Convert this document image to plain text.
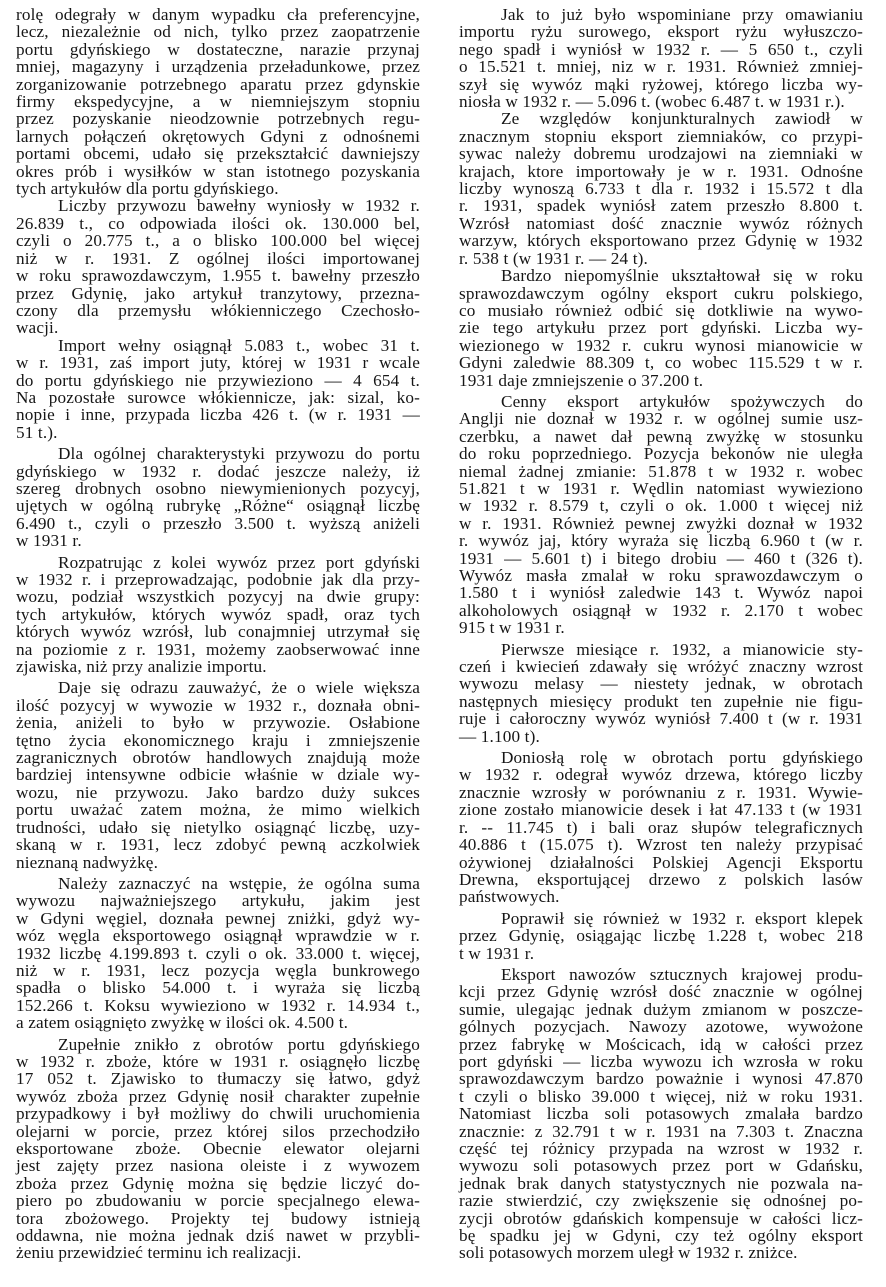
rolę odegrały w danym wypadku cła preferencyjne,
lecz, niezależnie od nich, tylko przez zaopatrzenie
portu gdyńskiego w dostateczne, narazie przynaj
mniej, magazyny i urządzenia przeładunkowe, przez
zorganizowanie potrzebnego aparatu przez gdynskie
firmy ekspedycyjne, a w niemniejszym stopniu
przez pozyskanie nieodzownie potrzebnych regu-
larnych połączeń okrętowych Gdyni z odnośnemi
portami obcemi, udało się przekształcić dawniejszy
okres prób i wysiłków w stan istotnego pozyskania
tych artykułów dla portu gdyńskiego.
Liczby przywozu bawełny wyniosły w 1932 r.
26.839 t., co odpowiada ilości ok. 130.000 bel,
czyli o 20.775 t., a o blisko 100.000 bel więcej
niż w r. 1931. Z ogólnej ilości importowanej
w roku sprawozdawczym, 1.955 t. bawełny przeszło
przez Gdynię, jako artykuł tranzytowy, przezna-
czony dla przemysłu włókienniczego Czechosło-
wacji.
Import wełny osiągnął 5.083 t., wobec 31 t.
w r. 1931, zaś import juty, której w 1931 r wcale
do portu gdyńskiego nie przywieziono — 4 654 t.
Na pozostałe surowce włókiennicze, jak: sizal, ko-
nopie i inne, przypada liczba 426 t. (w r. 1931 —
51 t.).
Dla ogólnej charakterystyki przywozu do portu
gdyńskiego w 1932 r. dodać jeszcze należy, iż
szereg drobnych osobno niewymienionych pozycyj,
ujętych w ogólną rubrykę „Różne“ osiągnął liczbę
6.490 t., czyli o przeszło 3.500 t. wyższą aniżeli
w 1931 r.
Rozpatrując z kolei wywóz przez port gdyński
w 1932 r. i przeprowadzając, podobnie jak dla przy-
wozu, podział wszystkich pozycyj na dwie grupy:
tych artykułów, których wywóz spadł, oraz tych
których wywóz wzrósł, lub conajmniej utrzymał się
na poziomie z r. 1931, możemy zaobserwować inne
zjawiska, niż przy analizie importu.
Daje się odrazu zauważyć, że o wiele większa
ilość pozycyj w wywozie w 1932 r., doznała obni-
żenia, aniżeli to było w przywozie. Osłabione
tętno życia ekonomicznego kraju i zmniejszenie
zagranicznych obrotów handlowych znajdują może
bardziej intensywne odbicie właśnie w dziale wy-
wozu, nie przywozu. Jako bardzo duży sukces
portu uważać zatem można, że mimo wielkich
trudności, udało się nietylko osiągnąć liczbę, uzy-
skaną w r. 1931, lecz zdobyć pewną aczkolwiek
nieznaną nadwyżkę.
Należy zaznaczyć na wstępie, że ogólna suma
wywozu najważniejszego artykułu, jakim jest
w Gdyni węgiel, doznała pewnej zniżki, gdyż wy-
wóz węgla eksportowego osiągnął wprawdzie w r.
1932 liczbę 4.199.893 t. czyli o ok. 33.000 t. więcej,
niż w r. 1931, lecz pozycja węgla bunkrowego
spadła o blisko 54.000 t. i wyraża się liczbą
152.266 t. Koksu wywieziono w 1932 r. 14.934 t.,
a zatem osiągnięto zwyżkę w ilości ok. 4.500 t.
Zupełnie znikło z obrotów portu gdyńskiego
w 1932 r. zboże, które w 1931 r. osiągnęło liczbę
17 052 t. Zjawisko to tłumaczy się łatwo, gdyż
wywóz zboża przez Gdynię nosił charakter zupełnie
przypadkowy i był możliwy do chwili uruchomienia
olejarni w porcie, przez której silos przechodziło
eksportowane zboże. Obecnie elewator olejarni
jest zajęty przez nasiona oleiste i z wywozem
zboża przez Gdynię można się będzie liczyć do-
piero po zbudowaniu w porcie specjalnego elewa-
tora zbożowego. Projekty tej budowy istnieją
oddawna, nie można jednak dziś nawet w przybli-
żeniu przewidzieć terminu ich realizacji.
Jak to już było wspominiane przy omawianiu
importu ryżu surowego, eksport ryżu wyłuszczo-
nego spadł i wyniósł w 1932 r. — 5 650 t., czyli
o 15.521 t. mniej, niz w r. 1931. Również zmniej-
szył się wywóz mąki ryżowej, którego liczba wy-
niosła w 1932 r. — 5.096 t. (wobec 6.487 t. w 1931 r.).
Ze względów konjunkturalnych zawiodł w
znacznym stopniu eksport ziemniaków, co przypi-
sywac należy dobremu urodzajowi na ziemniaki w
krajach, ktore importowały je w r. 1931. Odnośne
liczby wynoszą 6.733 t dla r. 1932 i 15.572 t dla
r. 1931, spadek wyniósł zatem przeszło 8.800 t.
Wzrósł natomiast dość znacznie wywóz różnych
warzyw, których eksportowano przez Gdynię w 1932
r. 538 t (w 1931 r. — 24 t).
Bardzo niepomyślnie ukształtował się w roku
sprawozdawczym ogólny eksport cukru polskiego,
co musiało również odbić się dotkliwie na wywo-
zie tego artykułu przez port gdyński. Liczba wy-
wiezionego w 1932 r. cukru wynosi mianowicie w
Gdyni zaledwie 88.309 t, co wobec 115.529 t w r.
1931 daje zmniejszenie o 37.200 t.
Cenny eksport artykułów spożywczych do
Anglji nie doznał w 1932 r. w ogólnej sumie usz-
czerbku, a nawet dał pewną zwyżkę w stosunku
do roku poprzedniego. Pozycja bekonów nie uległa
niemal żadnej zmianie: 51.878 t w 1932 r. wobec
51.821 t w 1931 r. Wędlin natomiast wywieziono
w 1932 r. 8.579 t, czyli o ok. 1.000 t więcej niż
w r. 1931. Również pewnej zwyżki doznał w 1932
r. wywóz jaj, który wyraża się liczbą 6.960 t (w r.
1931 — 5.601 t) i bitego drobiu — 460 t (326 t).
Wywóz masła zmalał w roku sprawozdawczym o
1.580 t i wyniósł zaledwie 143 t. Wywóz napoi
alkoholowych osiągnął w 1932 r. 2.170 t wobec
915 t w 1931 r.
Pierwsze miesiące r. 1932, a mianowicie sty-
czeń i kwiecień zdawały się wróżyć znaczny wzrost
wywozu melasy — niestety jednak, w obrotach
następnych miesięcy produkt ten zupełnie nie figu-
ruje i całoroczny wywóz wyniósł 7.400 t (w r. 1931
— 1.100 t).
Doniosłą rolę w obrotach portu gdyńskiego
w 1932 r. odegrał wywóz drzewa, którego liczby
znacznie wzrosły w porównaniu z r. 1931. Wywie-
zione zostało mianowicie desek i łat 47.133 t (w 1931
r. -- 11.745 t) i bali oraz słupów telegraficznych
40.886 t (15.075 t). Wzrost ten należy przypisać
ożywionej działalności Polskiej Agencji Eksportu
Drewna, eksportującej drzewo z polskich lasów
państwowych.
Poprawił się również w 1932 r. eksport klepek
przez Gdynię, osiągając liczbę 1.228 t, wobec 218
t w 1931 r.
Eksport nawozów sztucznych krajowej produ-
kcji przez Gdynię wzrósł dość znacznie w ogólnej
sumie, ulegając jednak dużym zmianom w poszcze-
gólnych pozycjach. Nawozy azotowe, wywożone
przez fabrykę w Mościcach, idą w całości przez
port gdyński — liczba wywozu ich wzrosła w roku
sprawozdawczym bardzo poważnie i wynosi 47.870
t czyli o blisko 39.000 t więcej, niż w roku 1931.
Natomiast liczba soli potasowych zmalała bardzo
znacznie: z 32.791 t w r. 1931 na 7.303 t. Znaczna
część tej różnicy przypada na wzrost w 1932 r.
wywozu soli potasowych przez port w Gdańsku,
jednak brak danych statystycznych nie pozwala na-
razie stwierdzić, czy zwiększenie się odnośnej po-
zycji obrotów gdańskich kompensuje w całości licz-
bę spadku jej w Gdyni, czy też ogólny eksport
soli potasowych morzem uległ w 1932 r. zniżce.
